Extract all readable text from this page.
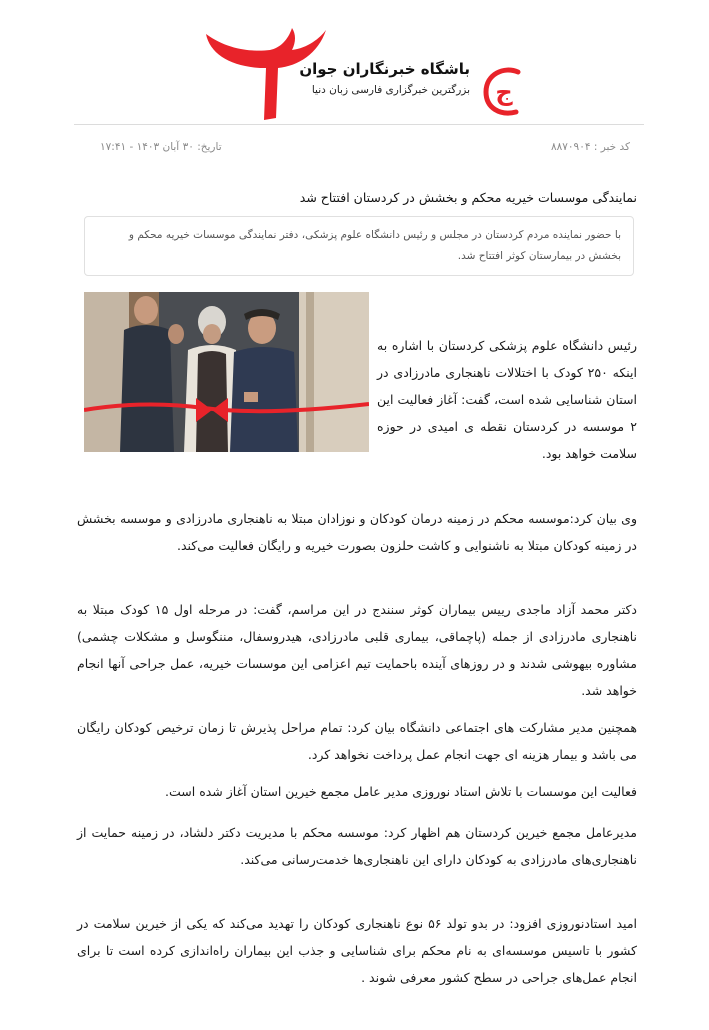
باشگاه خبرنگاران جوان
بزرگترین خبرگزاری فارسی زبان دنیا ج
کد خبر : ۸۸۷۰۹۰۴
تاریخ: ۳۰ آبان ۱۴۰۳ - ۱۷:۴۱
نمایندگی موسسات خیریه محکم و بخشش در کردستان افتتاح شد
با حضور نماینده مردم کردستان در مجلس و رئیس دانشگاه علوم پزشکی، دفتر نمایندگی موسسات خیریه محکم و بخشش در بیمارستان کوثر افتتاح شد.

رئیس دانشگاه علوم پزشکی کردستان با اشاره به اینکه ۲۵۰ کودک با اختلالات ناهنجاری مادرزادی در استان شناسایی شده است، گفت: آغاز فعالیت این ۲ موسسه در کردستان نقطه ی امیدی در حوزه سلامت خواهد بود.

وی بیان کرد:موسسه محکم در زمینه درمان کودکان و نوزادان مبتلا به ناهنجاری مادرزادی و موسسه بخشش در زمینه کودکان مبتلا به ناشنوایی و کاشت حلزون بصورت خیریه و رایگان فعالیت می‌کند.

دکتر محمد آزاد ماجدی رییس بیماران کوثر سنندج در این مراسم، گفت: در مرحله اول ۱۵ کودک مبتلا به ناهنجاری مادرزادی از جمله (پاچماقی، بیماری قلبی مادرزادی، هیدروسفال، مننگوسل و مشکلات چشمی) مشاوره بیهوشی شدند و در روزهای آینده باحمایت تیم اعزامی این موسسات خیریه، عمل جراحی آنها انجام خواهد شد.

همچنین مدیر مشارکت های اجتماعی دانشگاه بیان کرد: تمام مراحل پذیرش تا زمان ترخیص کودکان رایگان می باشد و بیمار هزینه ای جهت انجام عمل پرداخت نخواهد کرد.

فعالیت این موسسات با تلاش استاد نوروزی مدیر عامل مجمع خیرین استان آغاز شده است.

مدیرعامل مجمع خیرین کردستان هم اظهار کرد: موسسه محکم با مدیریت دکتر دلشاد، در زمینه حمایت از ناهنجاری‌های مادرزادی به کودکان دارای این ناهنجاری‌ها خدمت‌رسانی می‌کند.

امید استادنوروزی افزود: در بدو تولد ۵۶ نوع ناهنجاری کودکان را تهدید می‌کند که یکی از خیرین سلامت در کشور با تاسیس موسسه‌ای به نام محکم برای شناسایی و جذب این بیماران راه‌اندازی کرده است تا برای انجام عمل‌های جراحی در سطح کشور معرفی شوند .
